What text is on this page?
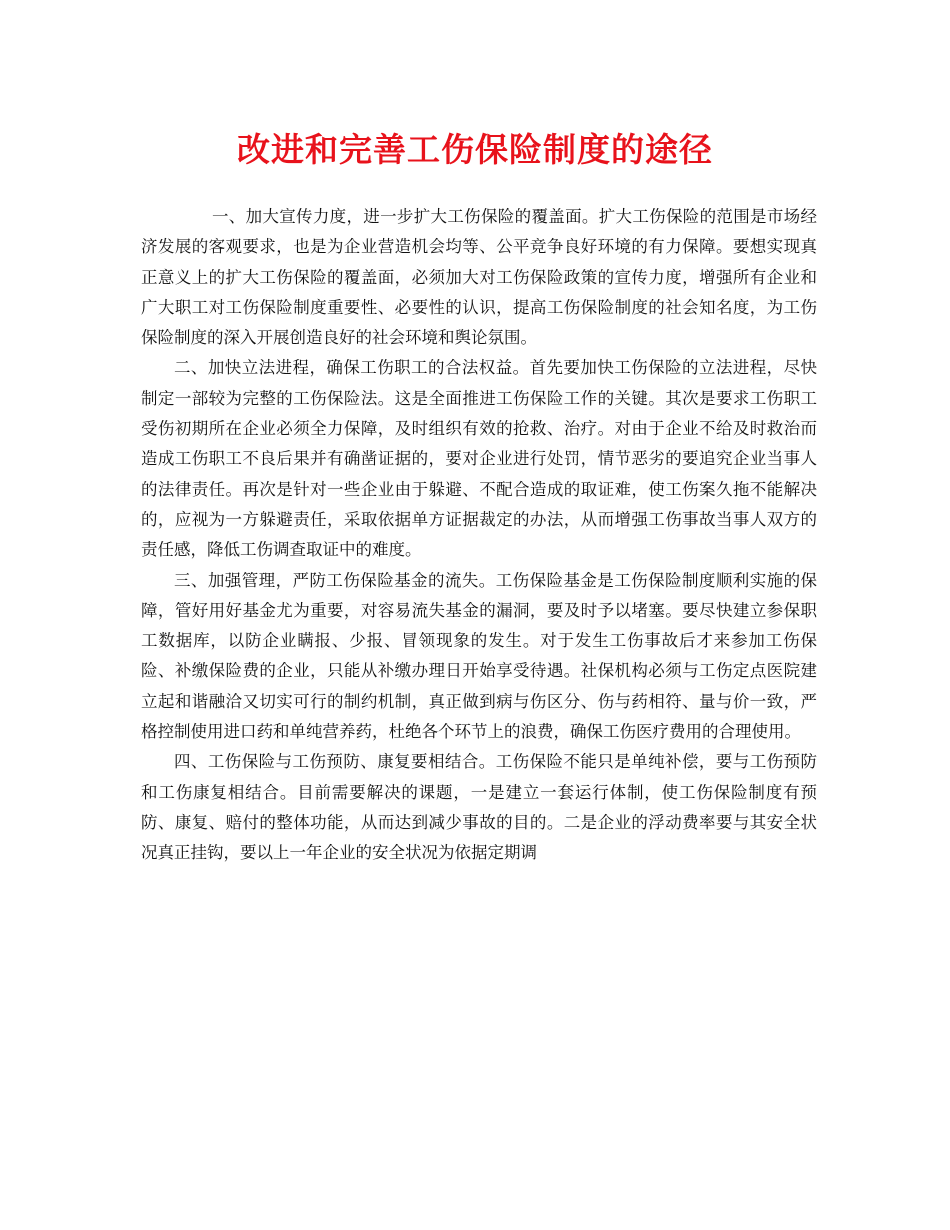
改进和完善工伤保险制度的途径

一、加大宣传力度，进一步扩大工伤保险的覆盖面。扩大工伤保险的范围是市场经济发展的客观要求，也是为企业营造机会均等、公平竞争良好环境的有力保障。要想实现真正意义上的扩大工伤保险的覆盖面，必须加大对工伤保险政策的宣传力度，增强所有企业和广大职工对工伤保险制度重要性、必要性的认识，提高工伤保险制度的社会知名度，为工伤保险制度的深入开展创造良好的社会环境和舆论氛围。

二、加快立法进程，确保工伤职工的合法权益。首先要加快工伤保险的立法进程，尽快制定一部较为完整的工伤保险法。这是全面推进工伤保险工作的关键。其次是要求工伤职工受伤初期所在企业必须全力保障，及时组织有效的抢救、治疗。对由于企业不给及时救治而造成工伤职工不良后果并有确凿证据的，要对企业进行处罚，情节恶劣的要追究企业当事人的法律责任。再次是针对一些企业由于躲避、不配合造成的取证难，使工伤案久拖不能解决的，应视为一方躲避责任，采取依据单方证据裁定的办法，从而增强工伤事故当事人双方的责任感，降低工伤调查取证中的难度。

三、加强管理，严防工伤保险基金的流失。工伤保险基金是工伤保险制度顺利实施的保障，管好用好基金尤为重要，对容易流失基金的漏洞，要及时予以堵塞。要尽快建立参保职工数据库，以防企业瞒报、少报、冒领现象的发生。对于发生工伤事故后才来参加工伤保险、补缴保险费的企业，只能从补缴办理日开始享受待遇。社保机构必须与工伤定点医院建立起和谐融洽又切实可行的制约机制，真正做到病与伤区分、伤与药相符、量与价一致，严格控制使用进口药和单纯营养药，杜绝各个环节上的浪费，确保工伤医疗费用的合理使用。

四、工伤保险与工伤预防、康复要相结合。工伤保险不能只是单纯补偿，要与工伤预防和工伤康复相结合。目前需要解决的课题，一是建立一套运行体制，使工伤保险制度有预防、康复、赔付的整体功能，从而达到减少事故的目的。二是企业的浮动费率要与其安全状况真正挂钩，要以上一年企业的安全状况为依据定期调
